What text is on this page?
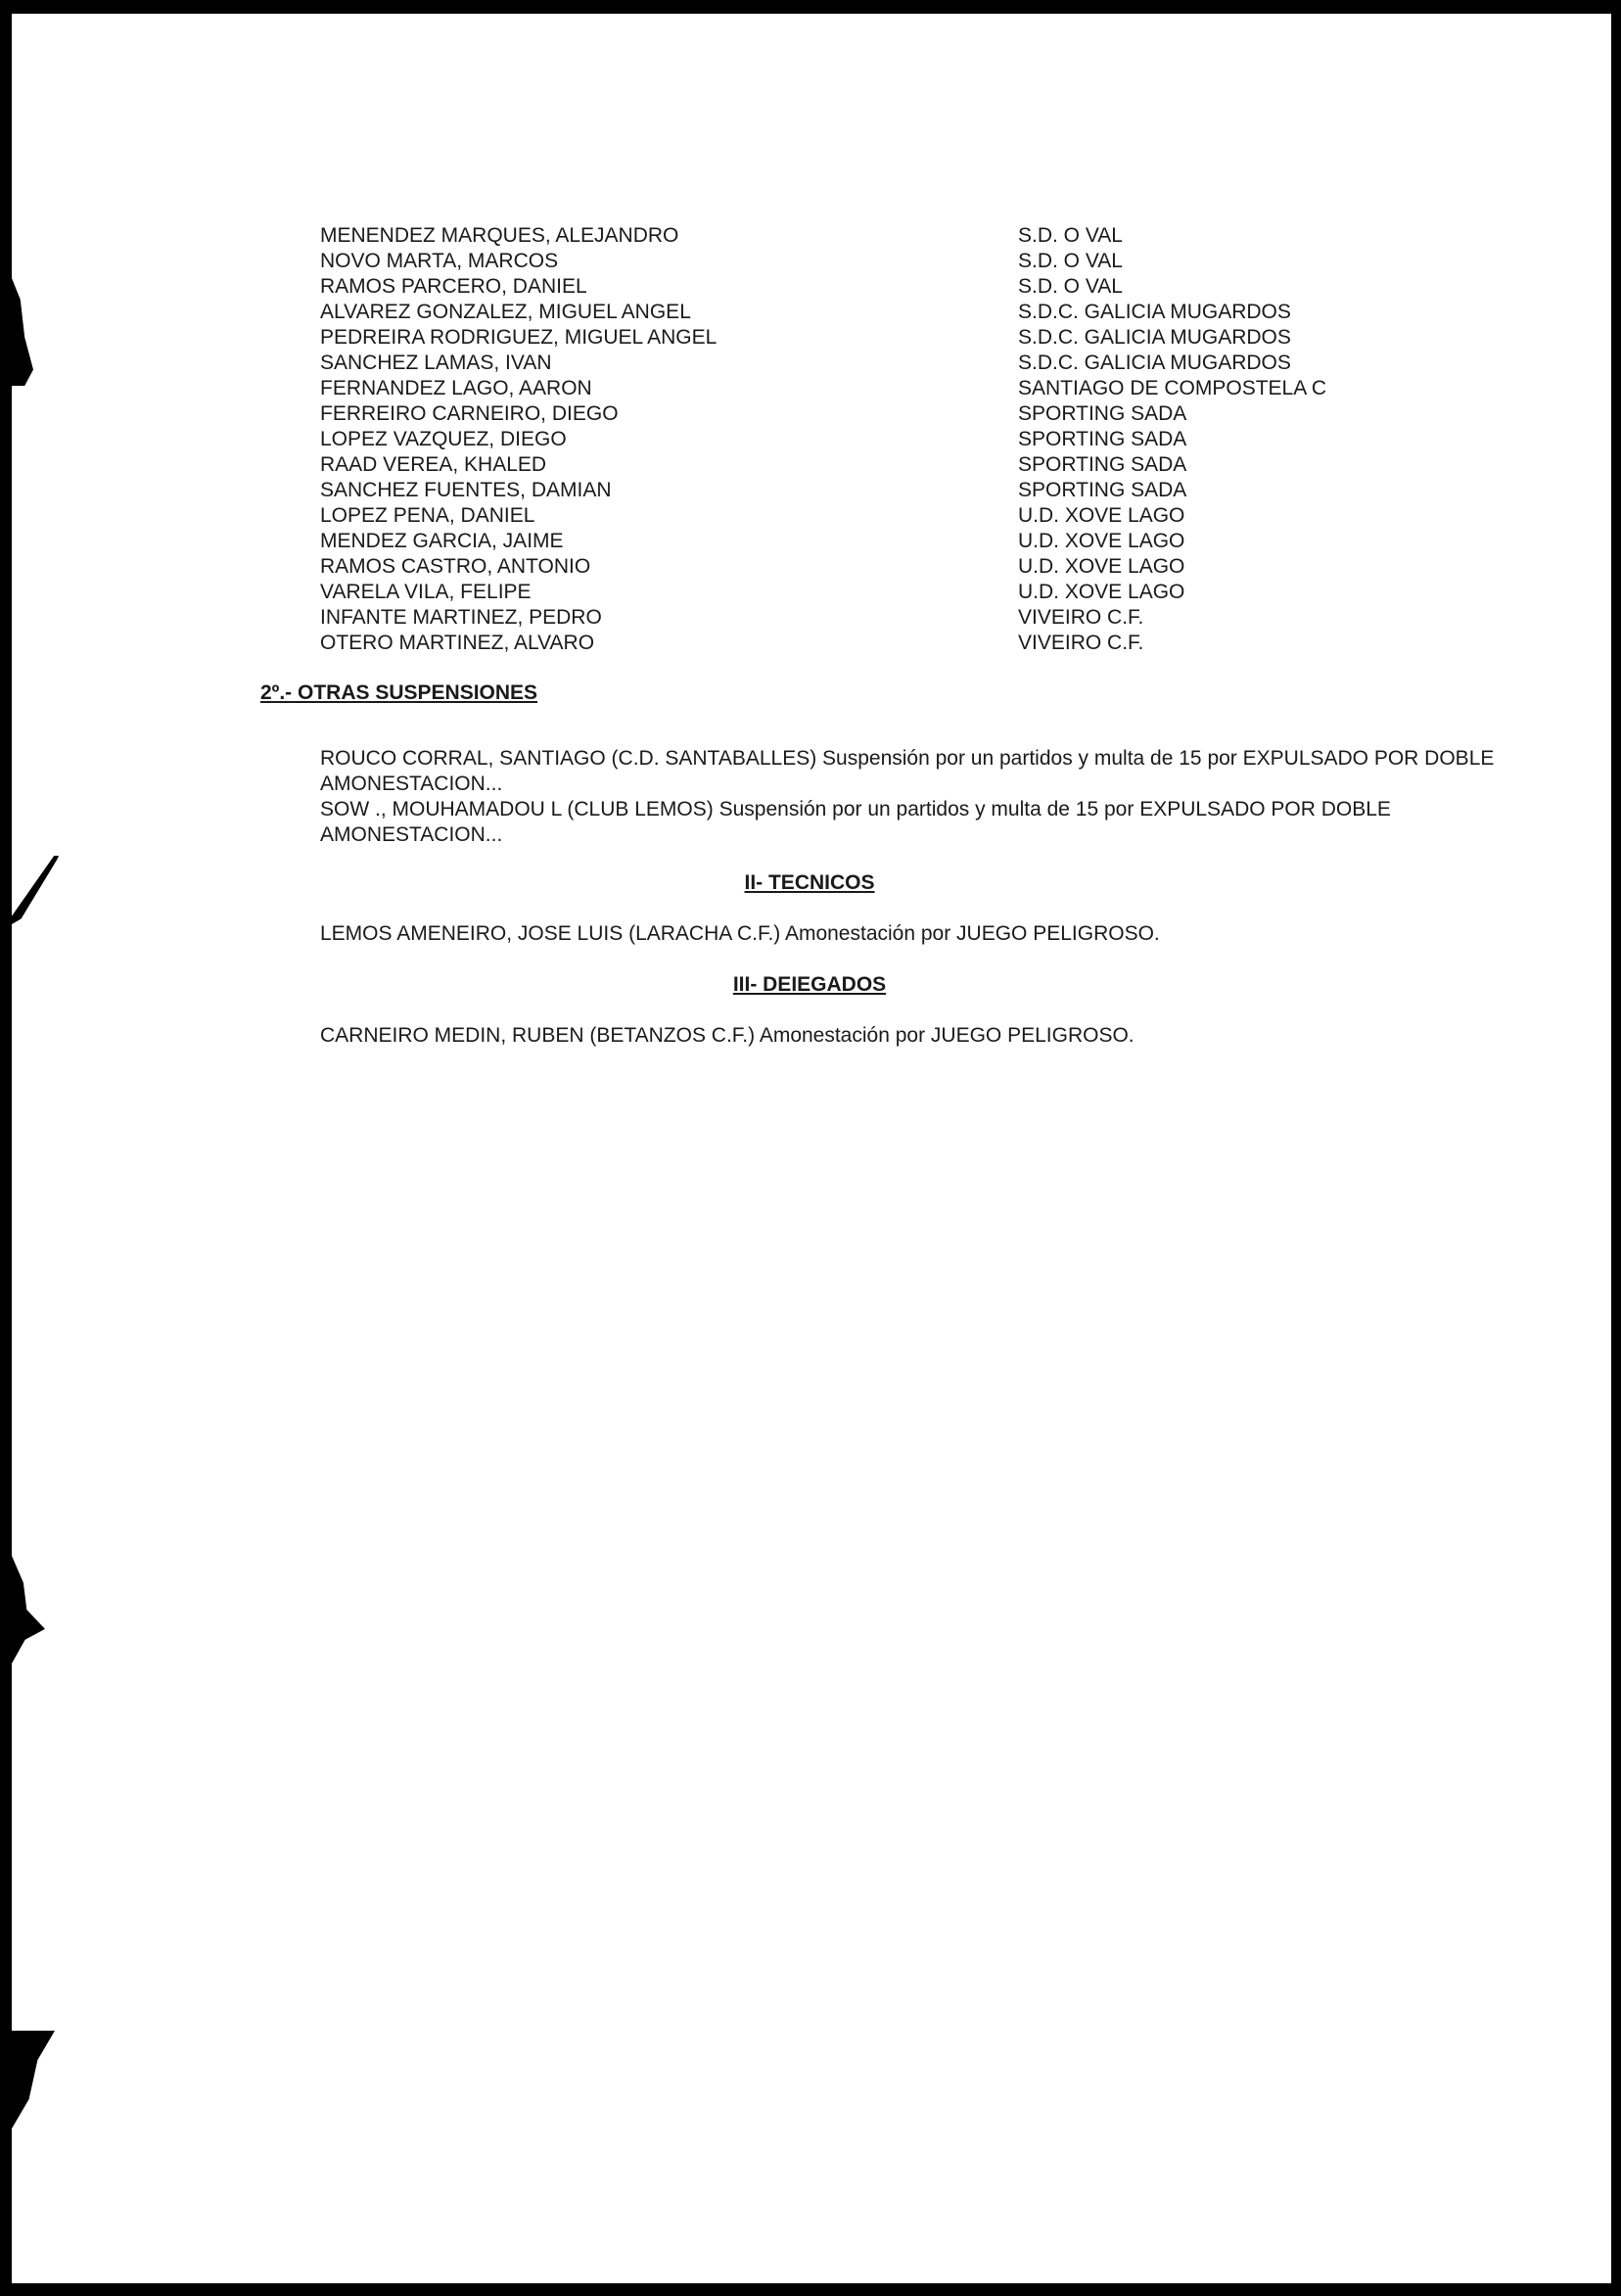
MENENDEZ MARQUES, ALEJANDRO	S.D. O VAL
NOVO MARTA, MARCOS	S.D. O VAL
RAMOS PARCERO, DANIEL	S.D. O VAL
ALVAREZ GONZALEZ, MIGUEL ANGEL	S.D.C. GALICIA MUGARDOS
PEDREIRA RODRIGUEZ, MIGUEL ANGEL	S.D.C. GALICIA MUGARDOS
SANCHEZ LAMAS, IVAN	S.D.C. GALICIA MUGARDOS
FERNANDEZ LAGO, AARON	SANTIAGO DE COMPOSTELA C
FERREIRO CARNEIRO, DIEGO	SPORTING SADA
LOPEZ VAZQUEZ, DIEGO	SPORTING SADA
RAAD VEREA, KHALED	SPORTING SADA
SANCHEZ FUENTES, DAMIAN	SPORTING SADA
LOPEZ PENA, DANIEL	U.D. XOVE LAGO
MENDEZ GARCIA, JAIME	U.D. XOVE LAGO
RAMOS CASTRO, ANTONIO	U.D. XOVE LAGO
VARELA VILA, FELIPE	U.D. XOVE LAGO
INFANTE MARTINEZ, PEDRO	VIVEIRO C.F.
OTERO MARTINEZ, ALVARO	VIVEIRO C.F.
2º.- OTRAS SUSPENSIONES

ROUCO CORRAL, SANTIAGO (C.D. SANTABALLES) Suspensión por un partidos y multa de 15 por EXPULSADO POR DOBLE AMONESTACION...

SOW ., MOUHAMADOU L (CLUB LEMOS) Suspensión por un partidos y multa de 15 por EXPULSADO POR DOBLE AMONESTACION...

II- TECNICOS

LEMOS AMENEIRO, JOSE LUIS (LARACHA C.F.) Amonestación por JUEGO PELIGROSO.

III- DEIEGADOS

CARNEIRO MEDIN, RUBEN (BETANZOS C.F.) Amonestación por JUEGO PELIGROSO.
